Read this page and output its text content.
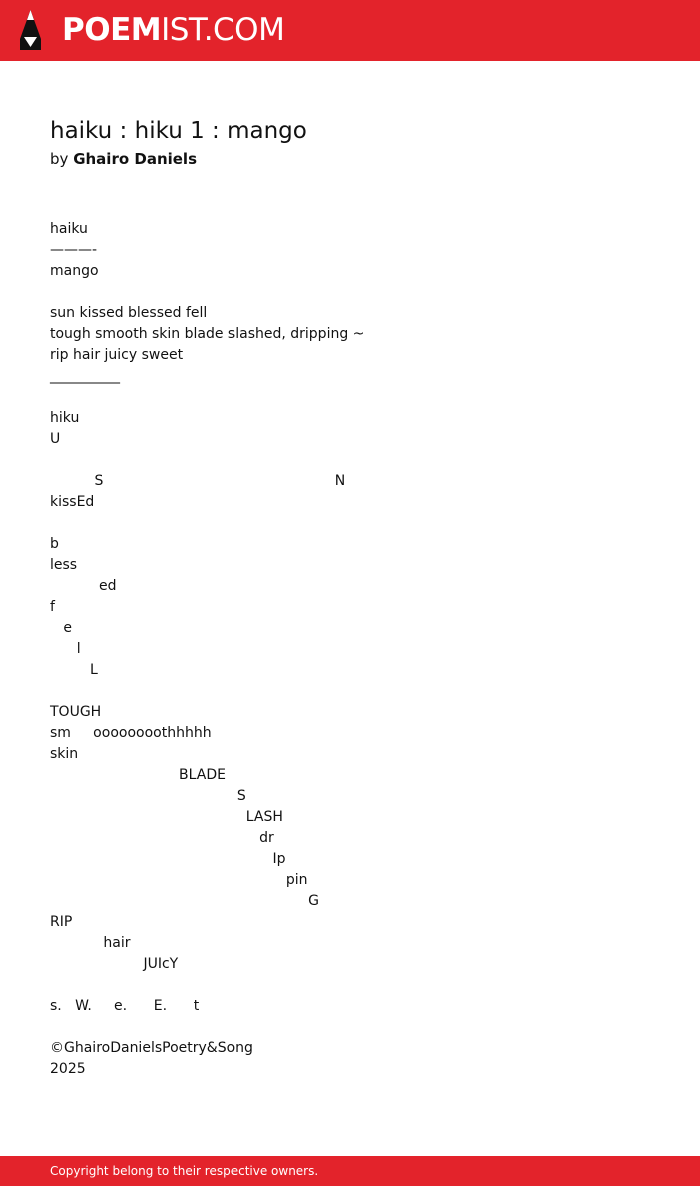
POEMIST.COM
haiku : hiku 1 : mango
by Ghairo Daniels
haiku
———-
mango

sun kissed blessed fell
tough smooth skin blade slashed, dripping ~
rip hair juicy sweet
__________

hiku
U

S                                                    N
kissEd

b
less
ed
f
e
l
L

TOUGH
sm     oooooooothhhhh
skin
BLADE
S
LASH
dr
Ip
pin
G
RIP
hair
JUIcY

s.   W.     e.      E.      t

©GhairoDanielsPoetry&Song
2025
Copyright belong to their respective owners.
